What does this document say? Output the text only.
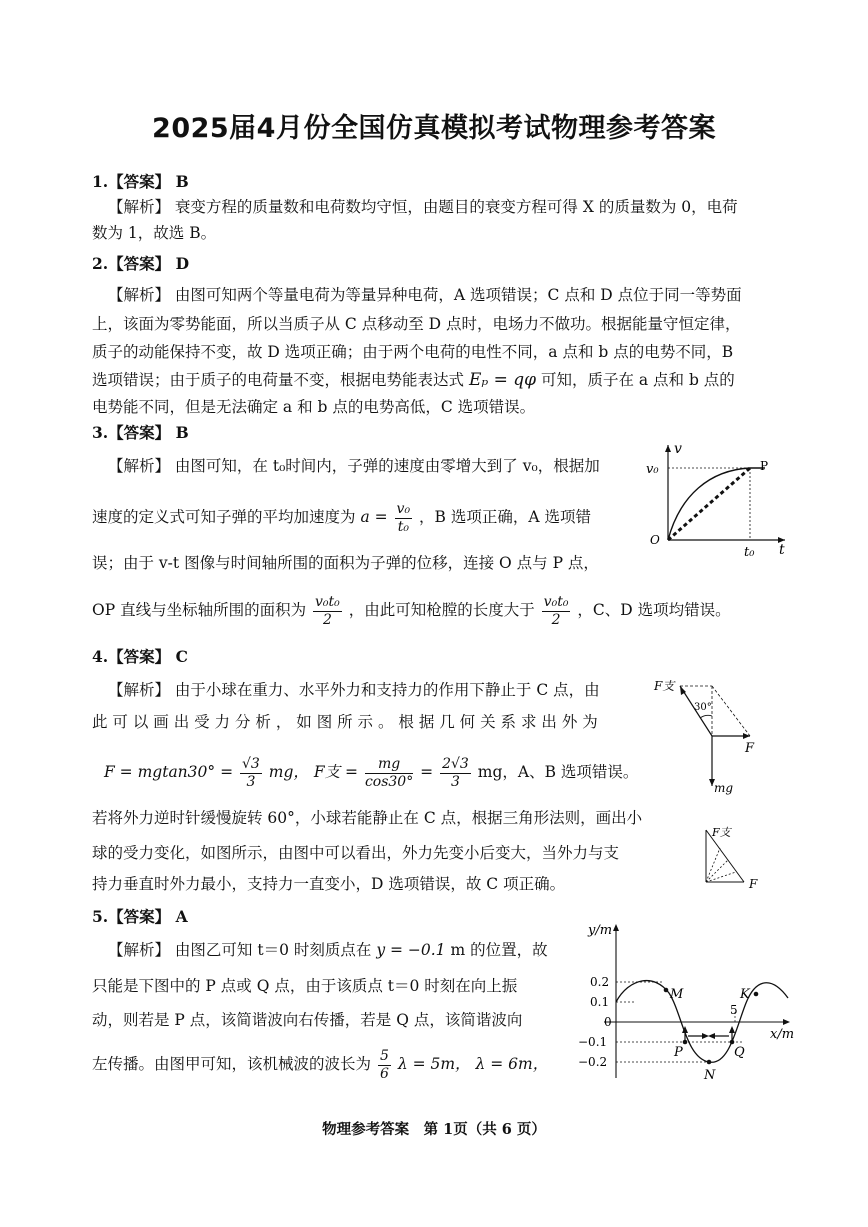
2025届4月份全国仿真模拟考试物理参考答案
1.【答案】 B
【解析】 衰变方程的质量数和电荷数均守恒，由题目的衰变方程可得 X 的质量数为 0，电荷
数为 1，故选 B。
2.【答案】 D
【解析】 由图可知两个等量电荷为等量异种电荷，A 选项错误；C 点和 D 点位于同一等势面
上，该面为零势能面，所以当质子从 C 点移动至 D 点时，电场力不做功。根据能量守恒定律，
质子的动能保持不变，故 D 选项正确；由于两个电荷的电性不同，a 点和 b 点的电势不同，B
选项错误；由于质子的电荷量不变，根据电势能表达式 Eₚ = qφ 可知，质子在 a 点和 b 点的
电势能不同，但是无法确定 a 和 b 点的电势高低，C 选项错误。
3.【答案】 B
【解析】 由图可知，在 t₀时间内，子弹的速度由零增大到了 v₀，根据加
速度的定义式可知子弹的平均加速度为 $a = \frac{\text{v₀}}{\text{t₀}}$ ，B 选项正确，A 选项错
误；由于 v-t 图像与时间轴所围的面积为子弹的位移，连接 O 点与 P 点，
OP 直线与坐标轴所围的面积为 $\frac{\text{v₀t₀}}{2}$ ，由此可知枪膛的长度大于 $\frac{\text{v₀t₀}}{2}$ ，C、D 选项均错误。
v
t
v₀
t₀
O
P
4.【答案】 C
【解析】 由于小球在重力、水平外力和支持力的作用下静止于 C 点，由
此 可 以 画 出 受 力 分 析 ， 如 图 所 示 。 根 据 几 何 关 系 求 出 外 为
$F = mgtan30^\circ = \frac{√3}{3}$ mg， F支 = $\frac{mg}{\cos 30^\circ} = \frac{2√3}{3}$ mg，A、B 选项错误。
若将外力逆时针缓慢旋转 60°，小球若能静止在 C 点，根据三角形法则，画出小
球的受力变化，如图所示，由图中可以看出，外力先变小后变大，当外力与支
持力垂直时外力最小，支持力一直变小，D 选项错误，故 C 项正确。
F支
30°
F
mg
F支
F
5.【答案】 A
【解析】 由图乙可知 t＝0 时刻质点在 y = −0.1 m 的位置，故
只能是下图中的 P 点或 Q 点，由于该质点 t＝0 时刻在向上振
动，则若是 P 点，该简谐波向右传播，若是 Q 点，该简谐波向
左传播。由图甲可知，该机械波的波长为 $\frac{5}{6}$ λ = 5m， λ = 6m，
y/m
x/m
0.2
0.1
0
−0.1
−0.2
5
M	K
P	Q
N
物理参考答案　第 1页（共 6 页）
